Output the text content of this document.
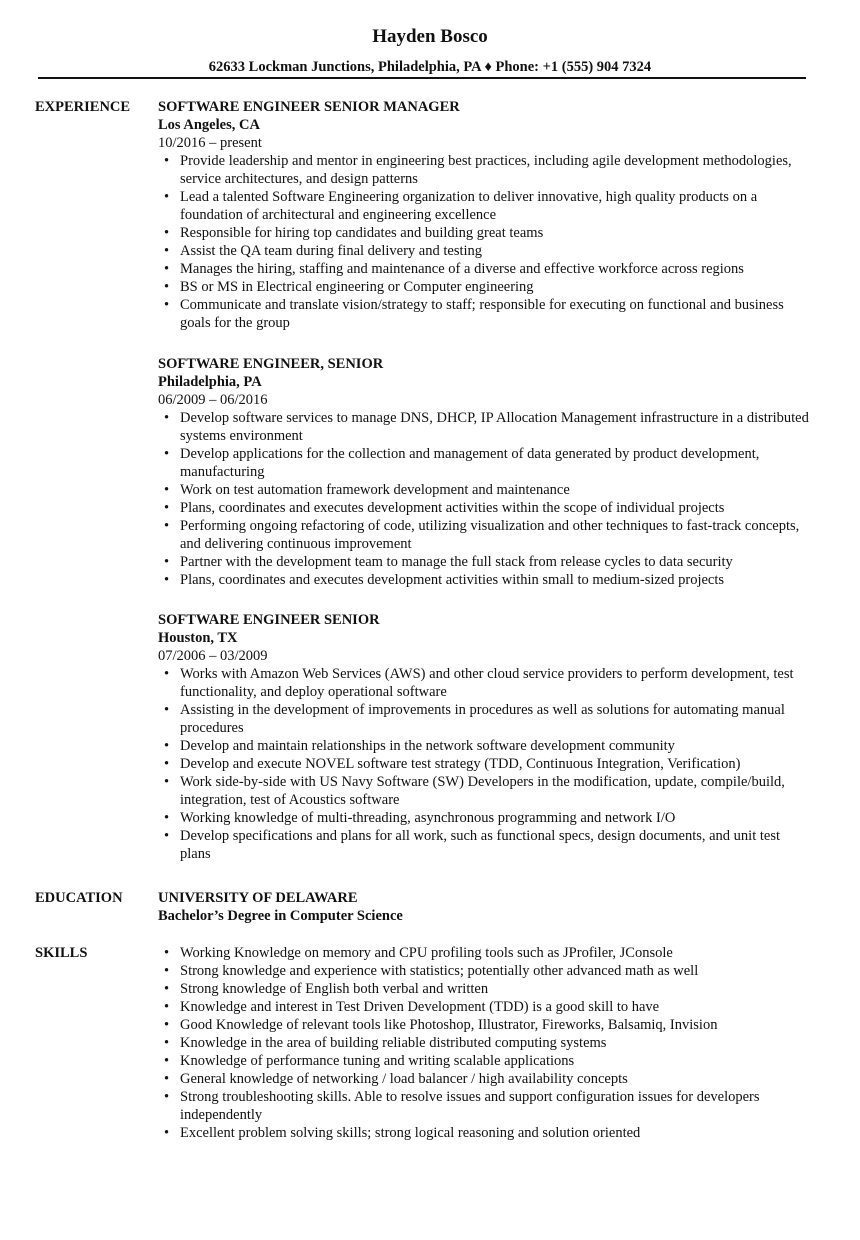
Hayden Bosco
62633 Lockman Junctions, Philadelphia, PA ♦ Phone: +1 (555) 904 7324
EXPERIENCE SOFTWARE ENGINEER SENIOR MANAGER
Los Angeles, CA
10/2016 – present
• Provide leadership and mentor in engineering best practices, including agile development methodologies, service architectures, and design patterns
• Lead a talented Software Engineering organization to deliver innovative, high quality products on a foundation of architectural and engineering excellence
• Responsible for hiring top candidates and building great teams
• Assist the QA team during final delivery and testing
• Manages the hiring, staffing and maintenance of a diverse and effective workforce across regions
• BS or MS in Electrical engineering or Computer engineering
• Communicate and translate vision/strategy to staff; responsible for executing on functional and business goals for the group
SOFTWARE ENGINEER, SENIOR
Philadelphia, PA
06/2009 – 06/2016
• Develop software services to manage DNS, DHCP, IP Allocation Management infrastructure in a distributed systems environment
• Develop applications for the collection and management of data generated by product development, manufacturing
• Work on test automation framework development and maintenance
• Plans, coordinates and executes development activities within the scope of individual projects
• Performing ongoing refactoring of code, utilizing visualization and other techniques to fast-track concepts, and delivering continuous improvement
• Partner with the development team to manage the full stack from release cycles to data security
• Plans, coordinates and executes development activities within small to medium-sized projects
SOFTWARE ENGINEER SENIOR
Houston, TX
07/2006 – 03/2009
• Works with Amazon Web Services (AWS) and other cloud service providers to perform development, test functionality, and deploy operational software
• Assisting in the development of improvements in procedures as well as solutions for automating manual procedures
• Develop and maintain relationships in the network software development community
• Develop and execute NOVEL software test strategy (TDD, Continuous Integration, Verification)
• Work side-by-side with US Navy Software (SW) Developers in the modification, update, compile/build, integration, test of Acoustics software
• Working knowledge of multi-threading, asynchronous programming and network I/O
• Develop specifications and plans for all work, such as functional specs, design documents, and unit test plans
EDUCATION UNIVERSITY OF DELAWARE
Bachelor’s Degree in Computer Science
SKILLS	• Working Knowledge on memory and CPU profiling tools such as JProfiler, JConsole
• Strong knowledge and experience with statistics; potentially other advanced math as well
• Strong knowledge of English both verbal and written
• Knowledge and interest in Test Driven Development (TDD) is a good skill to have
• Good Knowledge of relevant tools like Photoshop, Illustrator, Fireworks, Balsamiq, Invision
• Knowledge in the area of building reliable distributed computing systems
• Knowledge of performance tuning and writing scalable applications
• General knowledge of networking / load balancer / high availability concepts
• Strong troubleshooting skills. Able to resolve issues and support configuration issues for developers independently
• Excellent problem solving skills; strong logical reasoning and solution oriented
